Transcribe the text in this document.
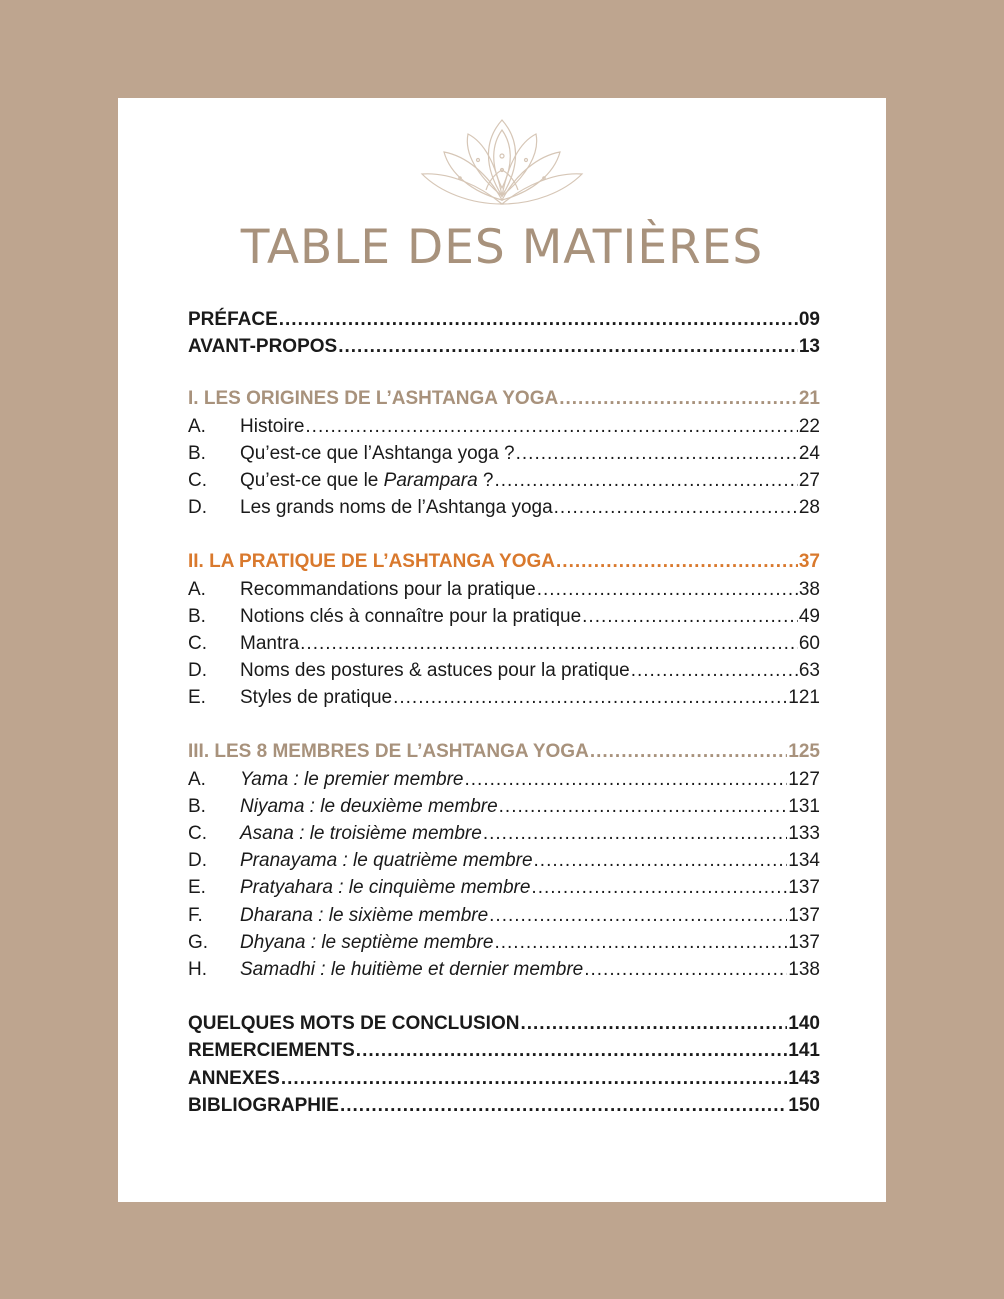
TABLE DES MATIÈRES
PRÉFACE .....	09
AVANT-PROPOS .....	13
I. LES ORIGINES DE L’ASHTANGA YOGA .....	21
A.	Histoire .....	22
B.	Qu’est-ce que l’Ashtanga yoga ? .....	24
C.	Qu’est-ce que le Parampara ? .....	27
D.	Les grands noms de l’Ashtanga yoga .....	28
II. LA PRATIQUE DE L’ASHTANGA YOGA .....	37
A.	Recommandations pour la pratique .....	38
B.	Notions clés à connaître pour la pratique .....	49
C.	Mantra .....	60
D.	Noms des postures & astuces pour la pratique .....	63
E.	Styles de pratique .....	121
III. LES 8 MEMBRES DE L’ASHTANGA YOGA .....	125
A.	Yama : le premier membre .....	127
B.	Niyama : le deuxième membre .....	131
C.	Asana : le troisième membre .....	133
D.	Pranayama : le quatrième membre .....	134
E.	Pratyahara : le cinquième membre .....	137
F.	Dharana : le sixième membre .....	137
G.	Dhyana : le septième membre .....	137
H.	Samadhi : le huitième et dernier membre .....	138
QUELQUES MOTS DE CONCLUSION .....	140
REMERCIEMENTS .....	141
ANNEXES .....	143
BIBLIOGRAPHIE .....	150
